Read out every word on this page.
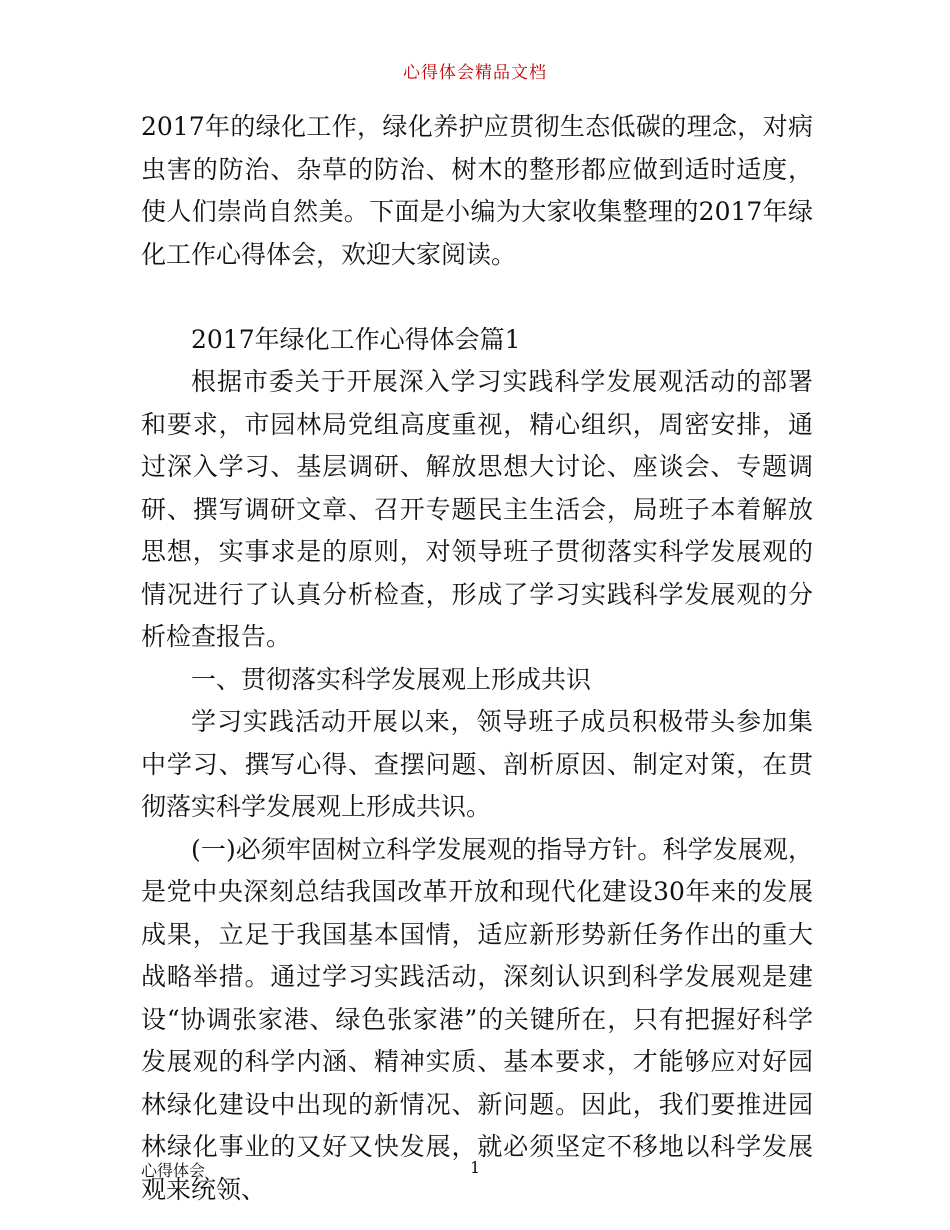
心得体会精品文档

2017年的绿化工作，绿化养护应贯彻生态低碳的理念，对病虫害的防治、杂草的防治、树木的整形都应做到适时适度，使人们崇尚自然美。下面是小编为大家收集整理的2017年绿化工作心得体会，欢迎大家阅读。

2017年绿化工作心得体会篇1

根据市委关于开展深入学习实践科学发展观活动的部署和要求，市园林局党组高度重视，精心组织，周密安排，通过深入学习、基层调研、解放思想大讨论、座谈会、专题调研、撰写调研文章、召开专题民主生活会，局班子本着解放思想，实事求是的原则，对领导班子贯彻落实科学发展观的情况进行了认真分析检查，形成了学习实践科学发展观的分析检查报告。

一、贯彻落实科学发展观上形成共识

学习实践活动开展以来，领导班子成员积极带头参加集中学习、撰写心得、查摆问题、剖析原因、制定对策，在贯彻落实科学发展观上形成共识。

(一)必须牢固树立科学发展观的指导方针。科学发展观，是党中央深刻总结我国改革开放和现代化建设30年来的发展成果，立足于我国基本国情，适应新形势新任务作出的重大战略举措。通过学习实践活动，深刻认识到科学发展观是建设“协调张家港、绿色张家港”的关键所在，只有把握好科学发展观的科学内涵、精神实质、基本要求，才能够应对好园林绿化建设中出现的新情况、新问题。因此，我们要推进园林绿化事业的又好又快发展，就必须坚定不移地以科学发展观来统领、

心得体会	1
